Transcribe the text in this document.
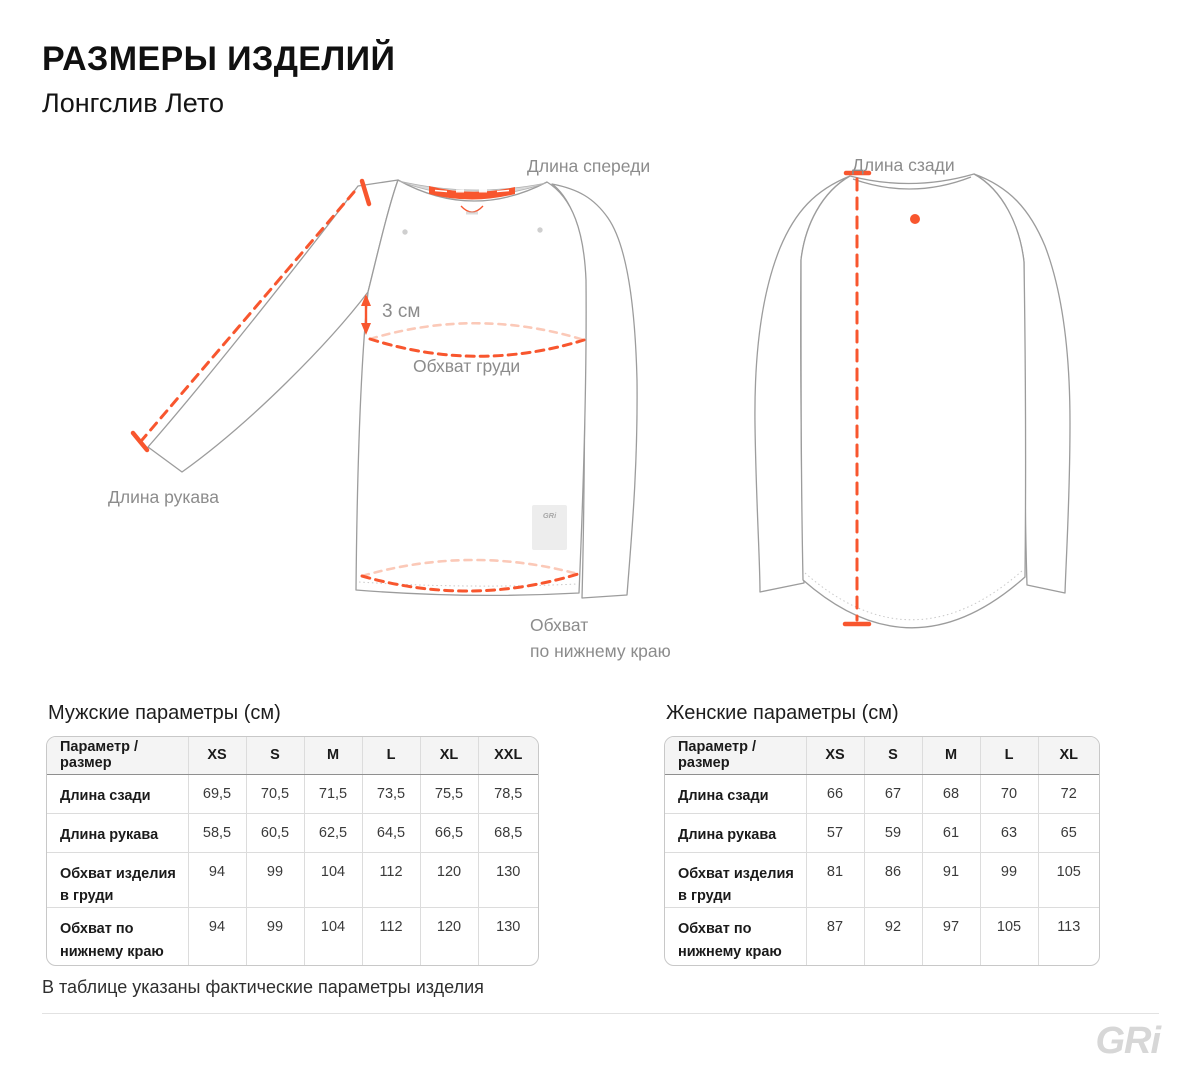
РАЗМЕРЫ ИЗДЕЛИЙ
Лонгслив Лето
Длина спереди	Длина сзади
Длина рукава
Обхват груди
3 см
Обхват
по нижнему краю
GRi
Мужские параметры (см)
Параметр / размер	XS	S	M	L	XL	XXL
Длина сзади	69,5	70,5	71,5	73,5	75,5	78,5
Длина рукава	58,5	60,5	62,5	64,5	66,5	68,5
Обхват изделия в груди	94	99	104	112	120	130
Обхват по нижнему краю	94	99	104	112	120	130
Женские параметры (см)
Параметр / размер	XS	S	M	L	XL
Длина сзади	66	67	68	70	72
Длина рукава	57	59	61	63	65
Обхват изделия в груди	81	86	91	99	105
Обхват по нижнему краю	87	92	97	105	113
В таблице указаны фактические параметры изделия
GRi
